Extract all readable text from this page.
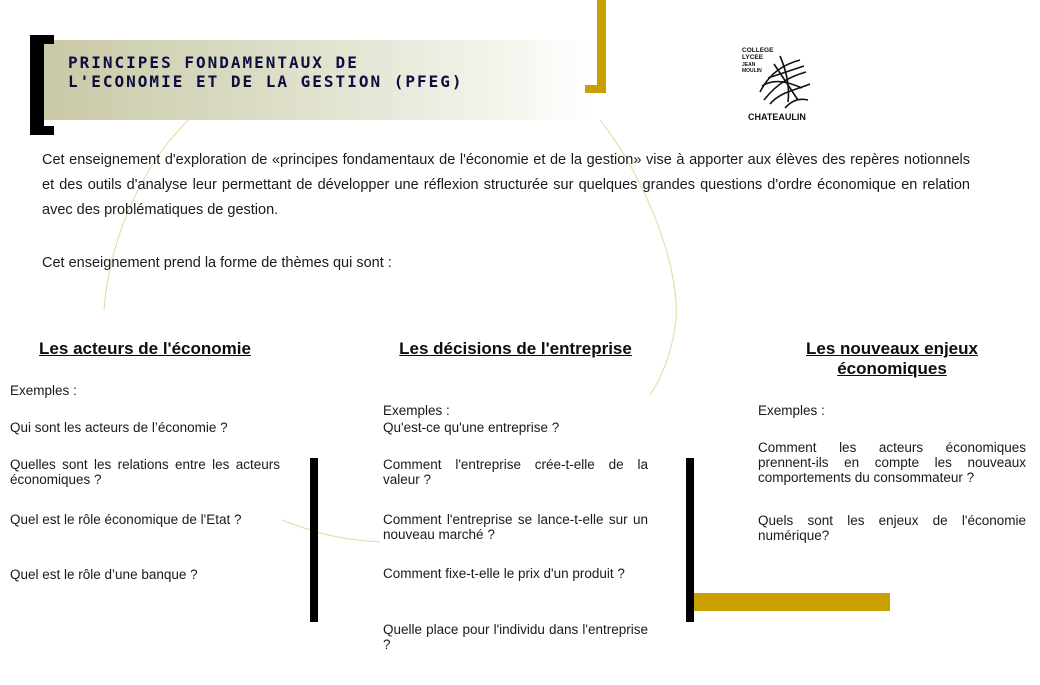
PRINCIPES FONDAMENTAUX DE
L'ECONOMIE ET DE LA GESTION (PFEG)
COLLEGE
LYCEE
JEAN
MOULIN
CHATEAULIN

Cet enseignement d'exploration de «principes fondamentaux de l'économie et de la gestion» vise à apporter aux élèves des repères notionnels et des outils d'analyse leur permettant de développer une réflexion structurée sur quelques grandes questions d'ordre économique en relation avec des problématiques de gestion.

Cet enseignement prend la forme de thèmes qui sont :

Les acteurs de l'économie

Exemples :

Qui sont les acteurs de l’économie ?

Quelles sont les relations entre les acteurs économiques ?

Quel est le rôle économique de l'Etat ?

Quel est le rôle d’une banque ?

Les décisions de l'entreprise

Exemples :

Qu'est-ce qu'une entreprise ?

Comment l'entreprise crée-t-elle de la valeur ?

Comment l'entreprise se lance-t-elle sur un nouveau marché ?

Comment fixe-t-elle le prix d'un produit ?

Quelle place pour l'individu dans l'entreprise ?

Les nouveaux enjeux économiques

Exemples :

Comment les acteurs économiques prennent-ils en compte les nouveaux comportements du consommateur ?

Quels sont les enjeux de l'économie numérique?
